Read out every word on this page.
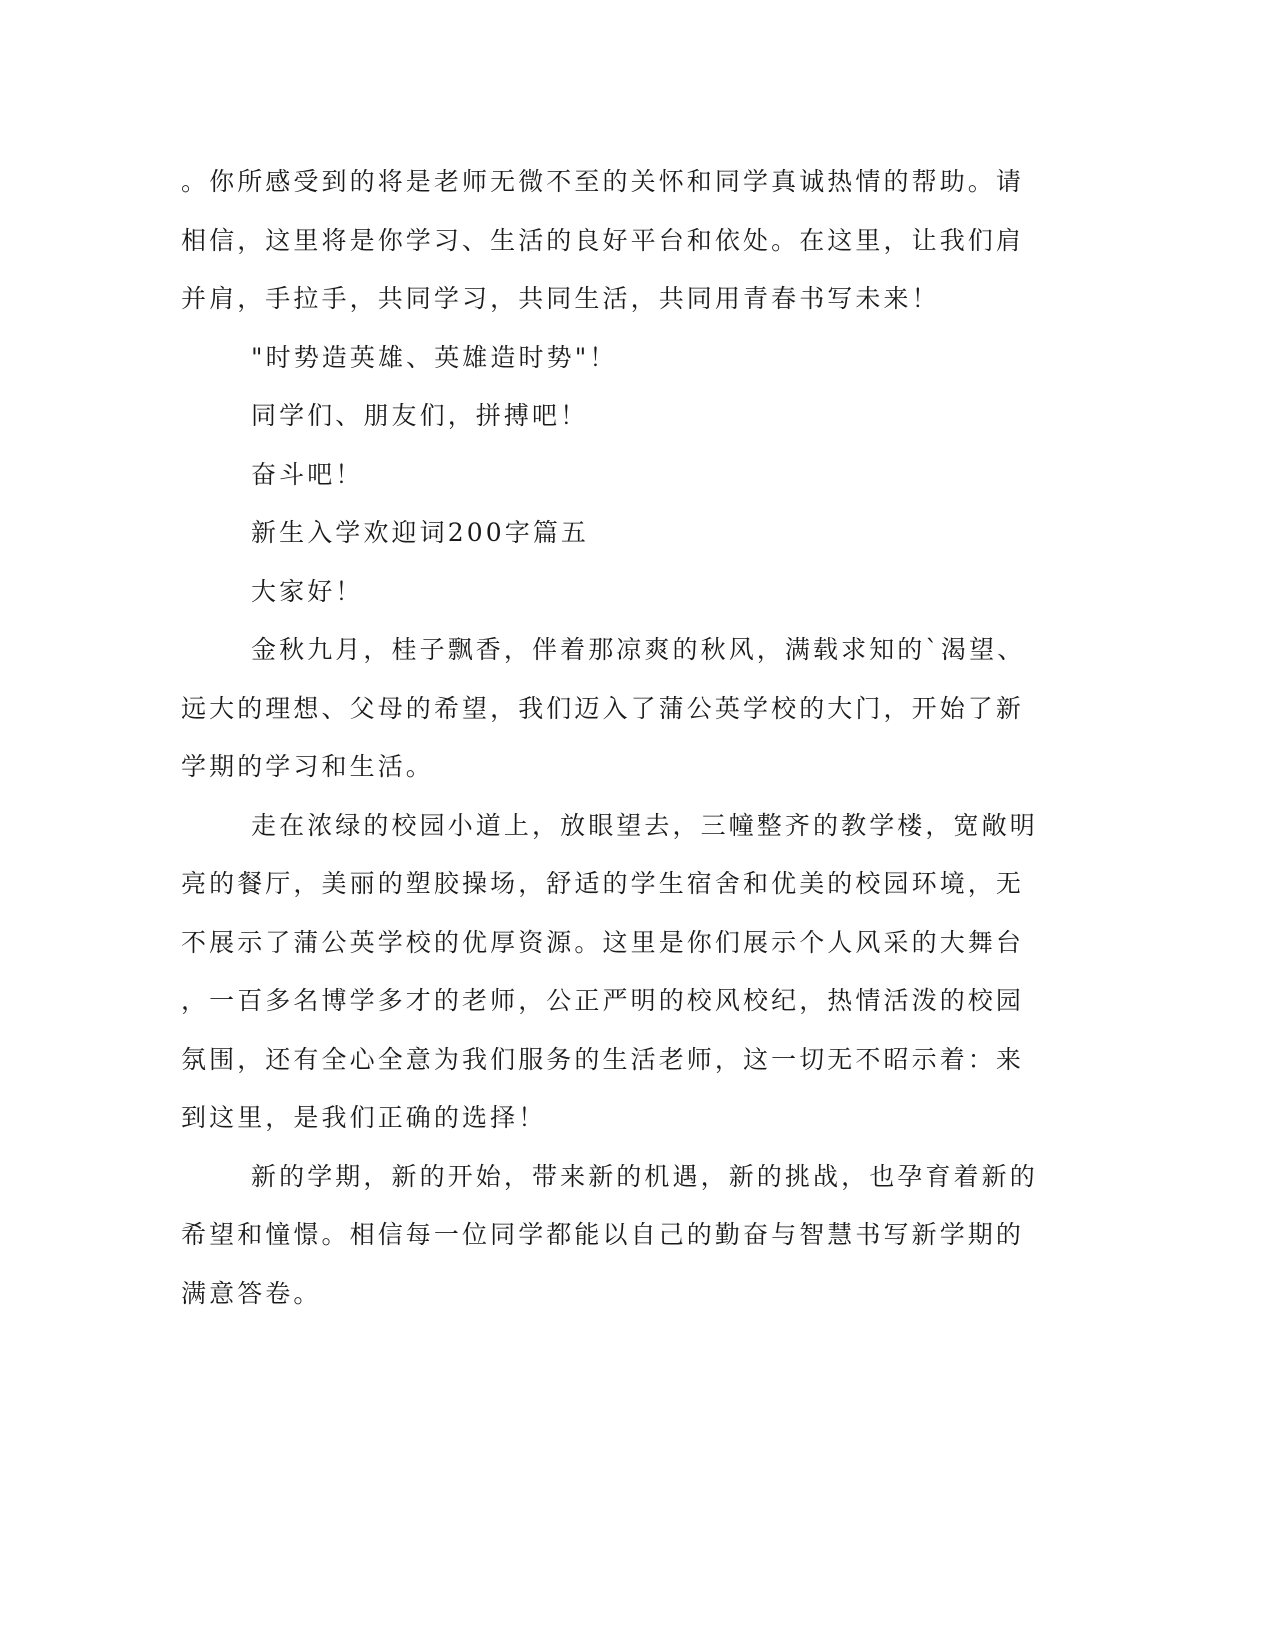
。你所感受到的将是老师无微不至的关怀和同学真诚热情的帮助。请

相信，这里将是你学习、生活的良好平台和依处。在这里，让我们肩

并肩，手拉手，共同学习，共同生活，共同用青春书写未来！

"时势造英雄、英雄造时势"！

同学们、朋友们，拼搏吧！

奋斗吧！

新生入学欢迎词200字篇五

大家好！

金秋九月，桂子飘香，伴着那凉爽的秋风，满载求知的`渴望、

远大的理想、父母的希望，我们迈入了蒲公英学校的大门，开始了新

学期的学习和生活。

走在浓绿的校园小道上，放眼望去，三幢整齐的教学楼，宽敞明

亮的餐厅，美丽的塑胶操场，舒适的学生宿舍和优美的校园环境，无

不展示了蒲公英学校的优厚资源。这里是你们展示个人风采的大舞台

，一百多名博学多才的老师，公正严明的校风校纪，热情活泼的校园

氛围，还有全心全意为我们服务的生活老师，这一切无不昭示着：来

到这里，是我们正确的选择！

新的学期，新的开始，带来新的机遇，新的挑战，也孕育着新的

希望和憧憬。相信每一位同学都能以自己的勤奋与智慧书写新学期的

满意答卷。
